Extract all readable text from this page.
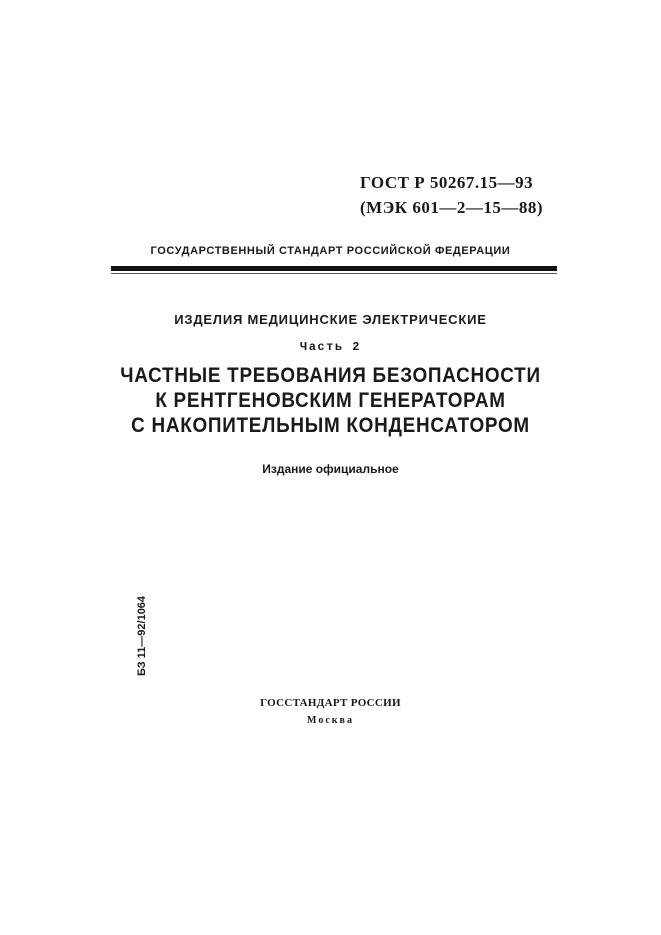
ГОСТ Р 50267.15—93
(МЭК 601—2—15—88)
ГОСУДАРСТВЕННЫЙ СТАНДАРТ РОССИЙСКОЙ ФЕДЕРАЦИИ
ИЗДЕЛИЯ МЕДИЦИНСКИЕ ЭЛЕКТРИЧЕСКИЕ
Часть 2
ЧАСТНЫЕ ТРЕБОВАНИЯ БЕЗОПАСНОСТИ
К РЕНТГЕНОВСКИМ ГЕНЕРАТОРАМ
С НАКОПИТЕЛЬНЫМ КОНДЕНСАТОРОМ
Издание официальное
БЗ 11—92/1064
ГОССТАНДАРТ РОССИИ
Москва
